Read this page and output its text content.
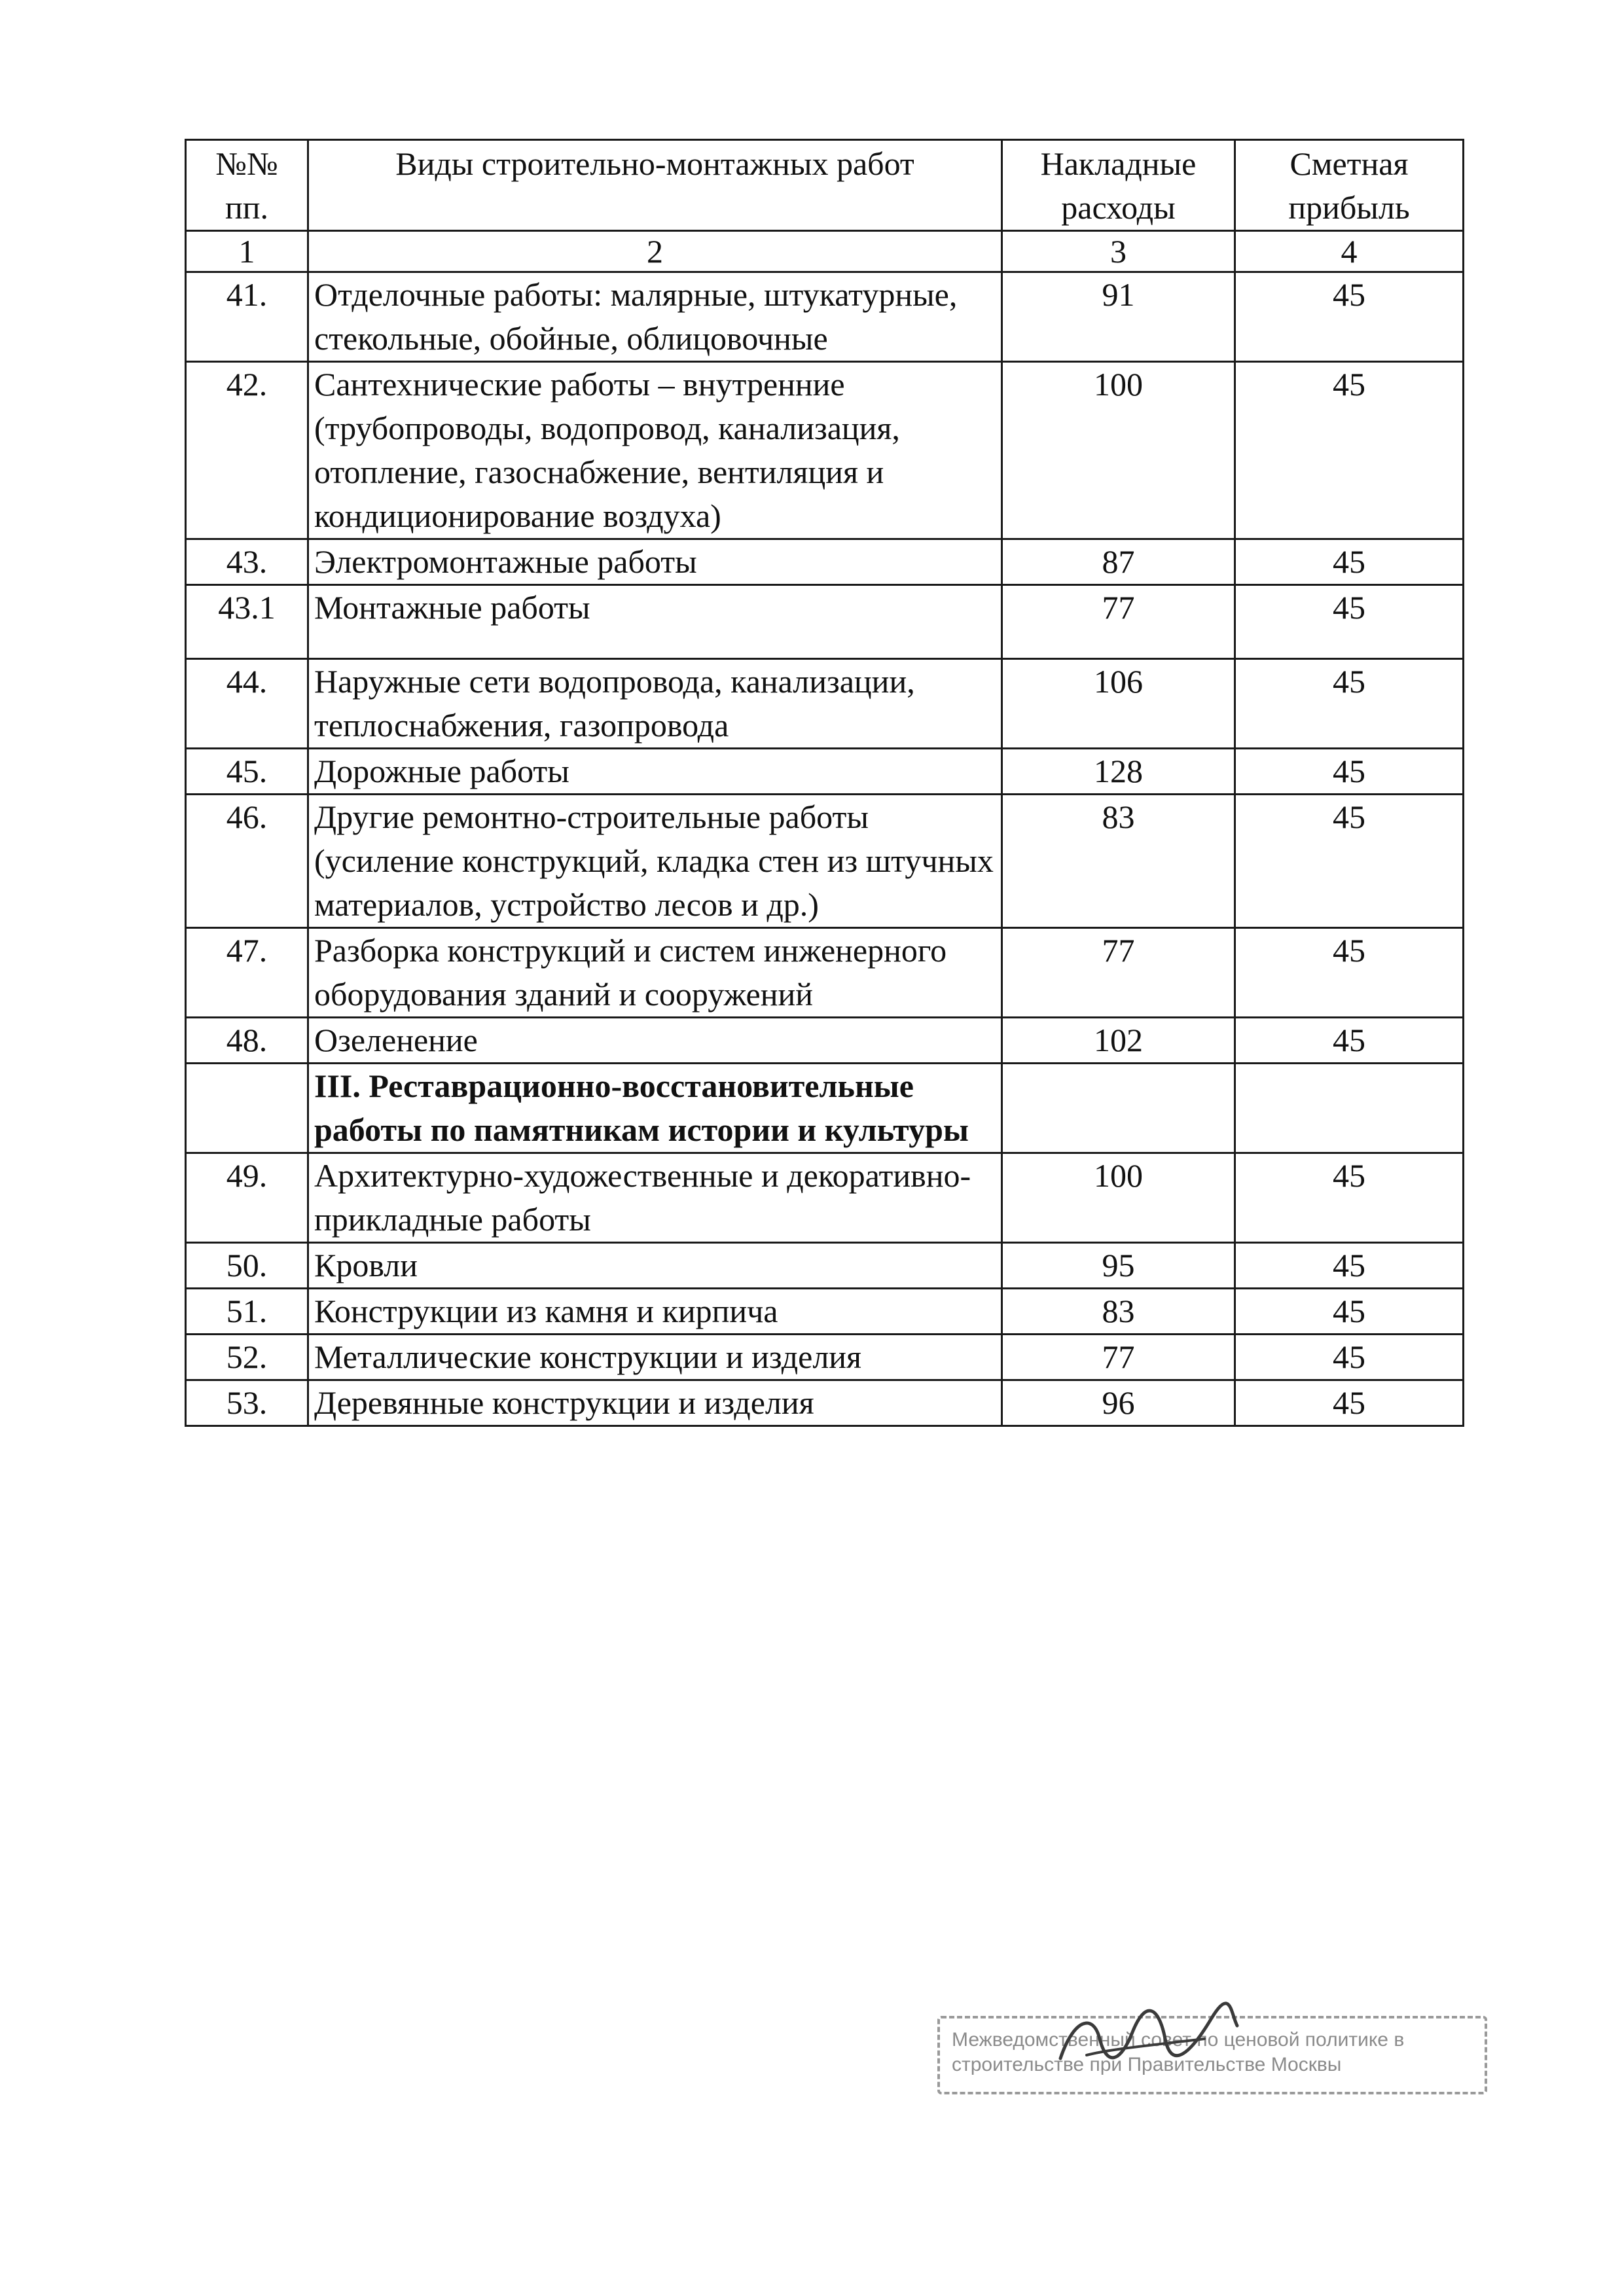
№№ пп.	Виды строительно-монтажных работ	Накладные расходы	Сметная прибыль
1	2	3	4
41.	Отделочные работы: малярные, штукатурные, стекольные, обойные, облицовочные	91	45
42.	Сантехнические работы – внутренние (трубопроводы, водопровод, канализация, отопление, газоснабжение, вентиляция и кондиционирование воздуха)	100	45
43.	Электромонтажные работы	87	45
43.1	Монтажные работы	77	45
44.	Наружные сети водопровода, канализации, теплоснабжения, газопровода	106	45
45.	Дорожные работы	128	45
46.	Другие ремонтно-строительные работы (усиление конструкций, кладка стен из штучных материалов, устройство лесов и др.)	83	45
47.	Разборка конструкций и систем инженерного оборудования зданий и сооружений	77	45
48.	Озеленение	102	45
	III. Реставрационно-восстановительные работы по памятникам истории и культуры		
49.	Архитектурно-художественные и декоративно-прикладные работы	100	45
50.	Кровли	95	45
51.	Конструкции из камня и кирпича	83	45
52.	Металлические конструкции и изделия	77	45
53.	Деревянные конструкции и изделия	96	45
Межведомственный совет по ценовой политике в
строительстве при Правительстве Москвы
